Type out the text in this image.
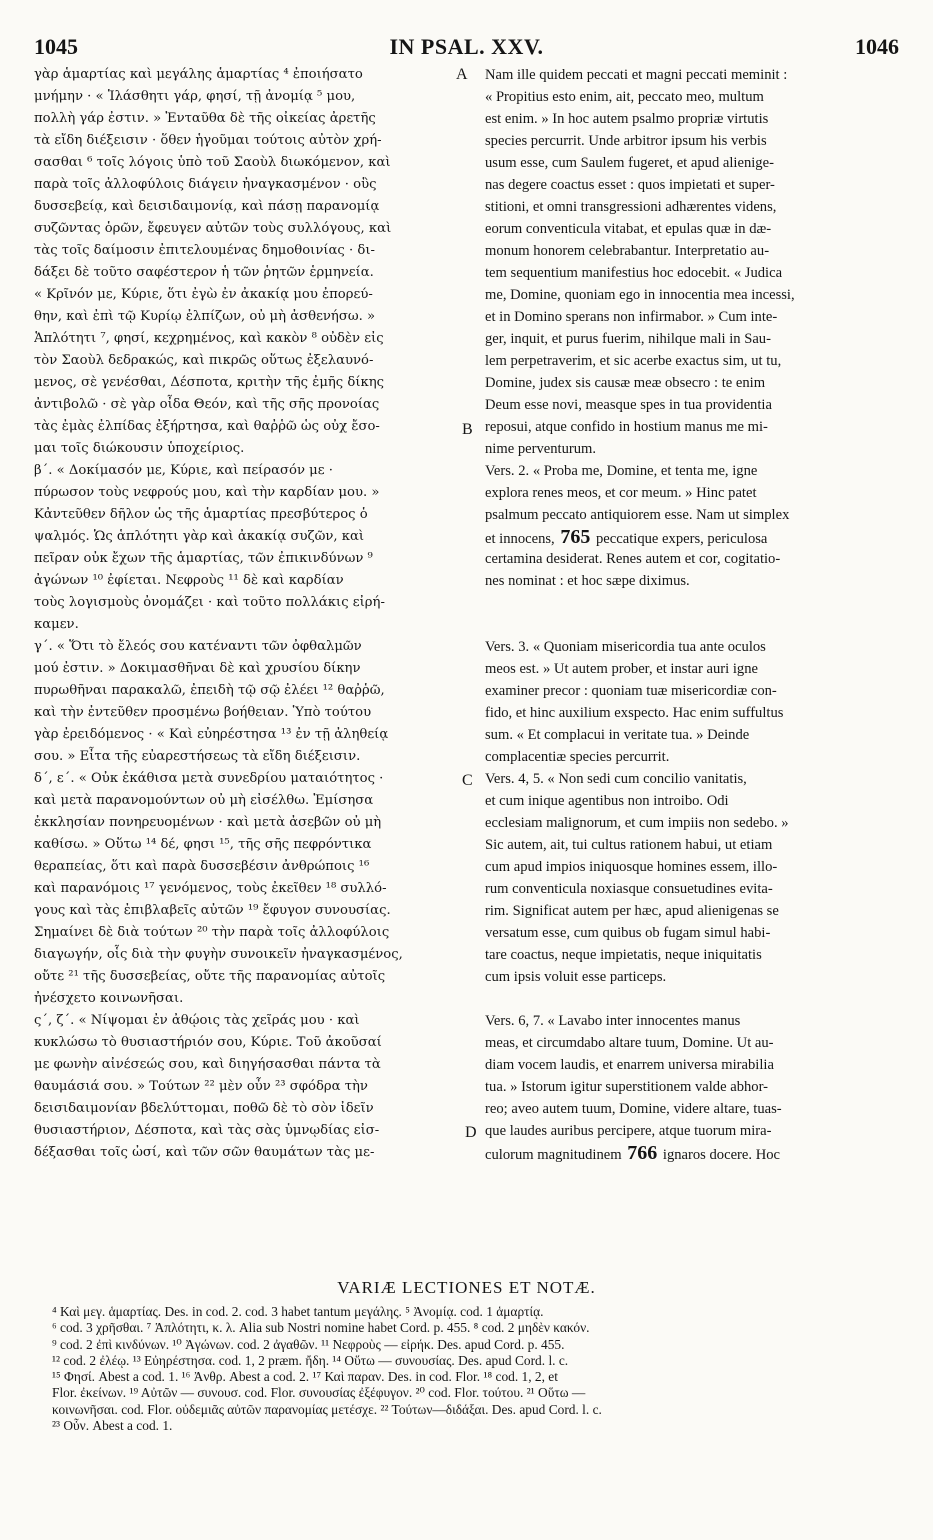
1045	IN PSAL. XXV.	1046
A
B
C
D
γὰρ ἁμαρτίας καὶ μεγάλης ἁμαρτίας ⁴ ἐποιήσατο
μνήμην · « Ἱλάσθητι γάρ, φησί, τῇ ἀνομίᾳ ⁵ μου,
πολλὴ γάρ ἐστιν. » Ἐνταῦθα δὲ τῆς οἰκείας ἀρετῆς
τὰ εἴδη διέξεισιν · ὅθεν ἡγοῦμαι τούτοις αὐτὸν χρή-
σασθαι ⁶ τοῖς λόγοις ὑπὸ τοῦ Σαοὺλ διωκόμενον, καὶ
παρὰ τοῖς ἀλλοφύλοις διάγειν ἠναγκασμένον · οὓς
δυσσεβείᾳ, καὶ δεισιδαιμονίᾳ, καὶ πάσῃ παρανομίᾳ
συζῶντας ὁρῶν, ἔφευγεν αὐτῶν τοὺς συλλόγους, καὶ
τὰς τοῖς δαίμοσιν ἐπιτελουμένας δημοθοινίας · δι-
δάξει δὲ τοῦτο σαφέστερον ἡ τῶν ῥητῶν ἑρμηνεία.
« Κρῖνόν με, Κύριε, ὅτι ἐγὼ ἐν ἀκακίᾳ μου ἐπορεύ-
θην, καὶ ἐπὶ τῷ Κυρίῳ ἐλπίζων, οὐ μὴ ἀσθενήσω. »
Ἁπλότητι ⁷, φησί, κεχρημένος, καὶ κακὸν ⁸ οὐδὲν εἰς
τὸν Σαοὺλ δεδρακώς, καὶ πικρῶς οὕτως ἐξελαυνό-
μενος, σὲ γενέσθαι, Δέσποτα, κριτὴν τῆς ἐμῆς δίκης
ἀντιβολῶ · σὲ γὰρ οἶδα Θεόν, καὶ τῆς σῆς προνοίας
τὰς ἐμὰς ἐλπίδας ἐξήρτησα, καὶ θαῤῥῶ ὡς οὐχ ἔσο-
μαι τοῖς διώκουσιν ὑποχείριος.
β΄. « Δοκίμασόν με, Κύριε, καὶ πείρασόν με ·
πύρωσον τοὺς νεφρούς μου, καὶ τὴν καρδίαν μου. »
Κἀντεῦθεν δῆλον ὡς τῆς ἁμαρτίας πρεσβύτερος ὁ
ψαλμός. Ὡς ἁπλότητι γὰρ καὶ ἀκακίᾳ συζῶν, καὶ
πεῖραν οὐκ ἔχων τῆς ἁμαρτίας, τῶν ἐπικινδύνων ⁹
ἀγώνων ¹⁰ ἐφίεται. Νεφροὺς ¹¹ δὲ καὶ καρδίαν
τοὺς λογισμοὺς ὀνομάζει · καὶ τοῦτο πολλάκις εἰρή-
καμεν.
γ΄. « Ὅτι τὸ ἔλεός σου κατέναντι τῶν ὀφθαλμῶν
μού ἐστιν. » Δοκιμασθῆναι δὲ καὶ χρυσίου δίκην
πυρωθῆναι παρακαλῶ, ἐπειδὴ τῷ σῷ ἐλέει ¹² θαῤῥῶ,
καὶ τὴν ἐντεῦθεν προσμένω βοήθειαν. Ὑπὸ τούτου
γὰρ ἐρειδόμενος · « Καὶ εὐηρέστησα ¹³ ἐν τῇ ἀληθείᾳ
σου. » Εἶτα τῆς εὐαρεστήσεως τὰ εἴδη διέξεισιν.
δ΄, ε΄. « Οὐκ ἐκάθισα μετὰ συνεδρίου ματαιότητος ·
καὶ μετὰ παρανομούντων οὐ μὴ εἰσέλθω. Ἐμίσησα
ἐκκλησίαν πονηρευομένων · καὶ μετὰ ἀσεβῶν οὐ μὴ
καθίσω. » Οὕτω ¹⁴ δέ, φησι ¹⁵, τῆς σῆς πεφρόντικα
θεραπείας, ὅτι καὶ παρὰ δυσσεβέσιν ἀνθρώποις ¹⁶
καὶ παρανόμοις ¹⁷ γενόμενος, τοὺς ἐκεῖθεν ¹⁸ συλλό-
γους καὶ τὰς ἐπιβλαβεῖς αὐτῶν ¹⁹ ἔφυγον συνουσίας.
Σημαίνει δὲ διὰ τούτων ²⁰ τὴν παρὰ τοῖς ἀλλοφύλοις
διαγωγήν, οἷς διὰ τὴν φυγὴν συνοικεῖν ἠναγκασμένος,
οὔτε ²¹ τῆς δυσσεβείας, οὔτε τῆς παρανομίας αὐτοῖς
ἠνέσχετο κοινωνῆσαι.
ς΄, ζ΄. « Νίψομαι ἐν ἀθῴοις τὰς χεῖράς μου · καὶ
κυκλώσω τὸ θυσιαστήριόν σου, Κύριε. Τοῦ ἀκοῦσαί
με φωνὴν αἰνέσεώς σου, καὶ διηγήσασθαι πάντα τὰ
θαυμάσιά σου. » Τούτων ²² μὲν οὖν ²³ σφόδρα τὴν
δεισιδαιμονίαν βδελύττομαι, ποθῶ δὲ τὸ σὸν ἰδεῖν
θυσιαστήριον, Δέσποτα, καὶ τὰς σὰς ὑμνῳδίας εἰσ-
δέξασθαι τοῖς ὠσί, καὶ τῶν σῶν θαυμάτων τὰς με-
Nam ille quidem peccati et magni peccati meminit :
« Propitius esto enim, ait, peccato meo, multum
est enim. » In hoc autem psalmo propriæ virtutis
species percurrit. Unde arbitror ipsum his verbis
usum esse, cum Saulem fugeret, et apud alienige-
nas degere coactus esset : quos impietati et super-
stitioni, et omni transgressioni adhærentes videns,
eorum conventicula vitabat, et epulas quæ in dæ-
monum honorem celebrabantur. Interpretatio au-
tem sequentium manifestius hoc edocebit. « Judica
me, Domine, quoniam ego in innocentia mea incessi,
et in Domino sperans non infirmabor. » Cum inte-
ger, inquit, et purus fuerim, nihilque mali in Sau-
lem perpetraverim, et sic acerbe exactus sim, ut tu,
Domine, judex sis causæ meæ obsecro : te enim
Deum esse novi, measque spes in tua providentia
reposui, atque confido in hostium manus me mi-
nime perventurum.
Vers. 2. « Proba me, Domine, et tenta me, igne
explora renes meos, et cor meum. » Hinc patet
psalmum peccato antiquiorem esse. Nam ut simplex
et innocens, 765 peccatique expers, periculosa
certamina desiderat. Renes autem et cor, cogitatio-
nes nominat : et hoc sæpe diximus.
Vers. 3. « Quoniam misericordia tua ante oculos
meos est. » Ut autem prober, et instar auri igne
examiner precor : quoniam tuæ misericordiæ con-
fido, et hinc auxilium exspecto. Hac enim suffultus
sum. « Et complacui in veritate tua. » Deinde
complacentiæ species percurrit.
Vers. 4, 5. « Non sedi cum concilio vanitatis,
et cum inique agentibus non introibo. Odi
ecclesiam malignorum, et cum impiis non sedebo. »
Sic autem, ait, tui cultus rationem habui, ut etiam
cum apud impios iniquosque homines essem, illo-
rum conventicula noxiasque consuetudines evita-
rim. Significat autem per hæc, apud alienigenas se
versatum esse, cum quibus ob fugam simul habi-
tare coactus, neque impietatis, neque iniquitatis
cum ipsis voluit esse particeps.
Vers. 6, 7. « Lavabo inter innocentes manus
meas, et circumdabo altare tuum, Domine. Ut au-
diam vocem laudis, et enarrem universa mirabilia
tua. » Istorum igitur superstitionem valde abhor-
reo; aveo autem tuum, Domine, videre altare, tuas-
que laudes auribus percipere, atque tuorum mira-
culorum magnitudinem 766 ignaros docere. Hoc
VARIÆ LECTIONES ET NOTÆ.
⁴ Καὶ μεγ. ἁμαρτίας. Des. in cod. 2. cod. 3 habet tantum μεγάλης. ⁵ Ἀνομίᾳ. cod. 1 ἁμαρτίᾳ.
⁶ cod. 3 χρῆσθαι. ⁷ Ἁπλότητι, κ. λ. Alia sub Nostri nomine habet Cord. p. 455. ⁸ cod. 2 μηδὲν κακόν.
⁹ cod. 2 ἐπὶ κινδύνων. ¹⁰ Ἀγώνων. cod. 2 ἀγαθῶν. ¹¹ Νεφροὺς — εἰρήκ. Des. apud Cord. p. 455.
¹² cod. 2 ἐλέῳ. ¹³ Εὐηρέστησα. cod. 1, 2 præm. ἤδη. ¹⁴ Οὕτω — συνουσίας. Des. apud Cord. l. c.
¹⁵ Φησί. Abest a cod. 1. ¹⁶ Ἀνθρ. Abest a cod. 2. ¹⁷ Καὶ παραν. Des. in cod. Flor. ¹⁸ cod. 1, 2, et
Flor. ἐκείνων. ¹⁹ Αὐτῶν — συνουσ. cod. Flor. συνουσίας ἐξέφυγον. ²⁰ cod. Flor. τούτου. ²¹ Οὕτω —
κοινωνῆσαι. cod. Flor. οὐδεμιᾶς αὐτῶν παρανομίας μετέσχε. ²² Τούτων—διδάξαι. Des. apud Cord. l. c.
²³ Οὖν. Abest a cod. 1.
